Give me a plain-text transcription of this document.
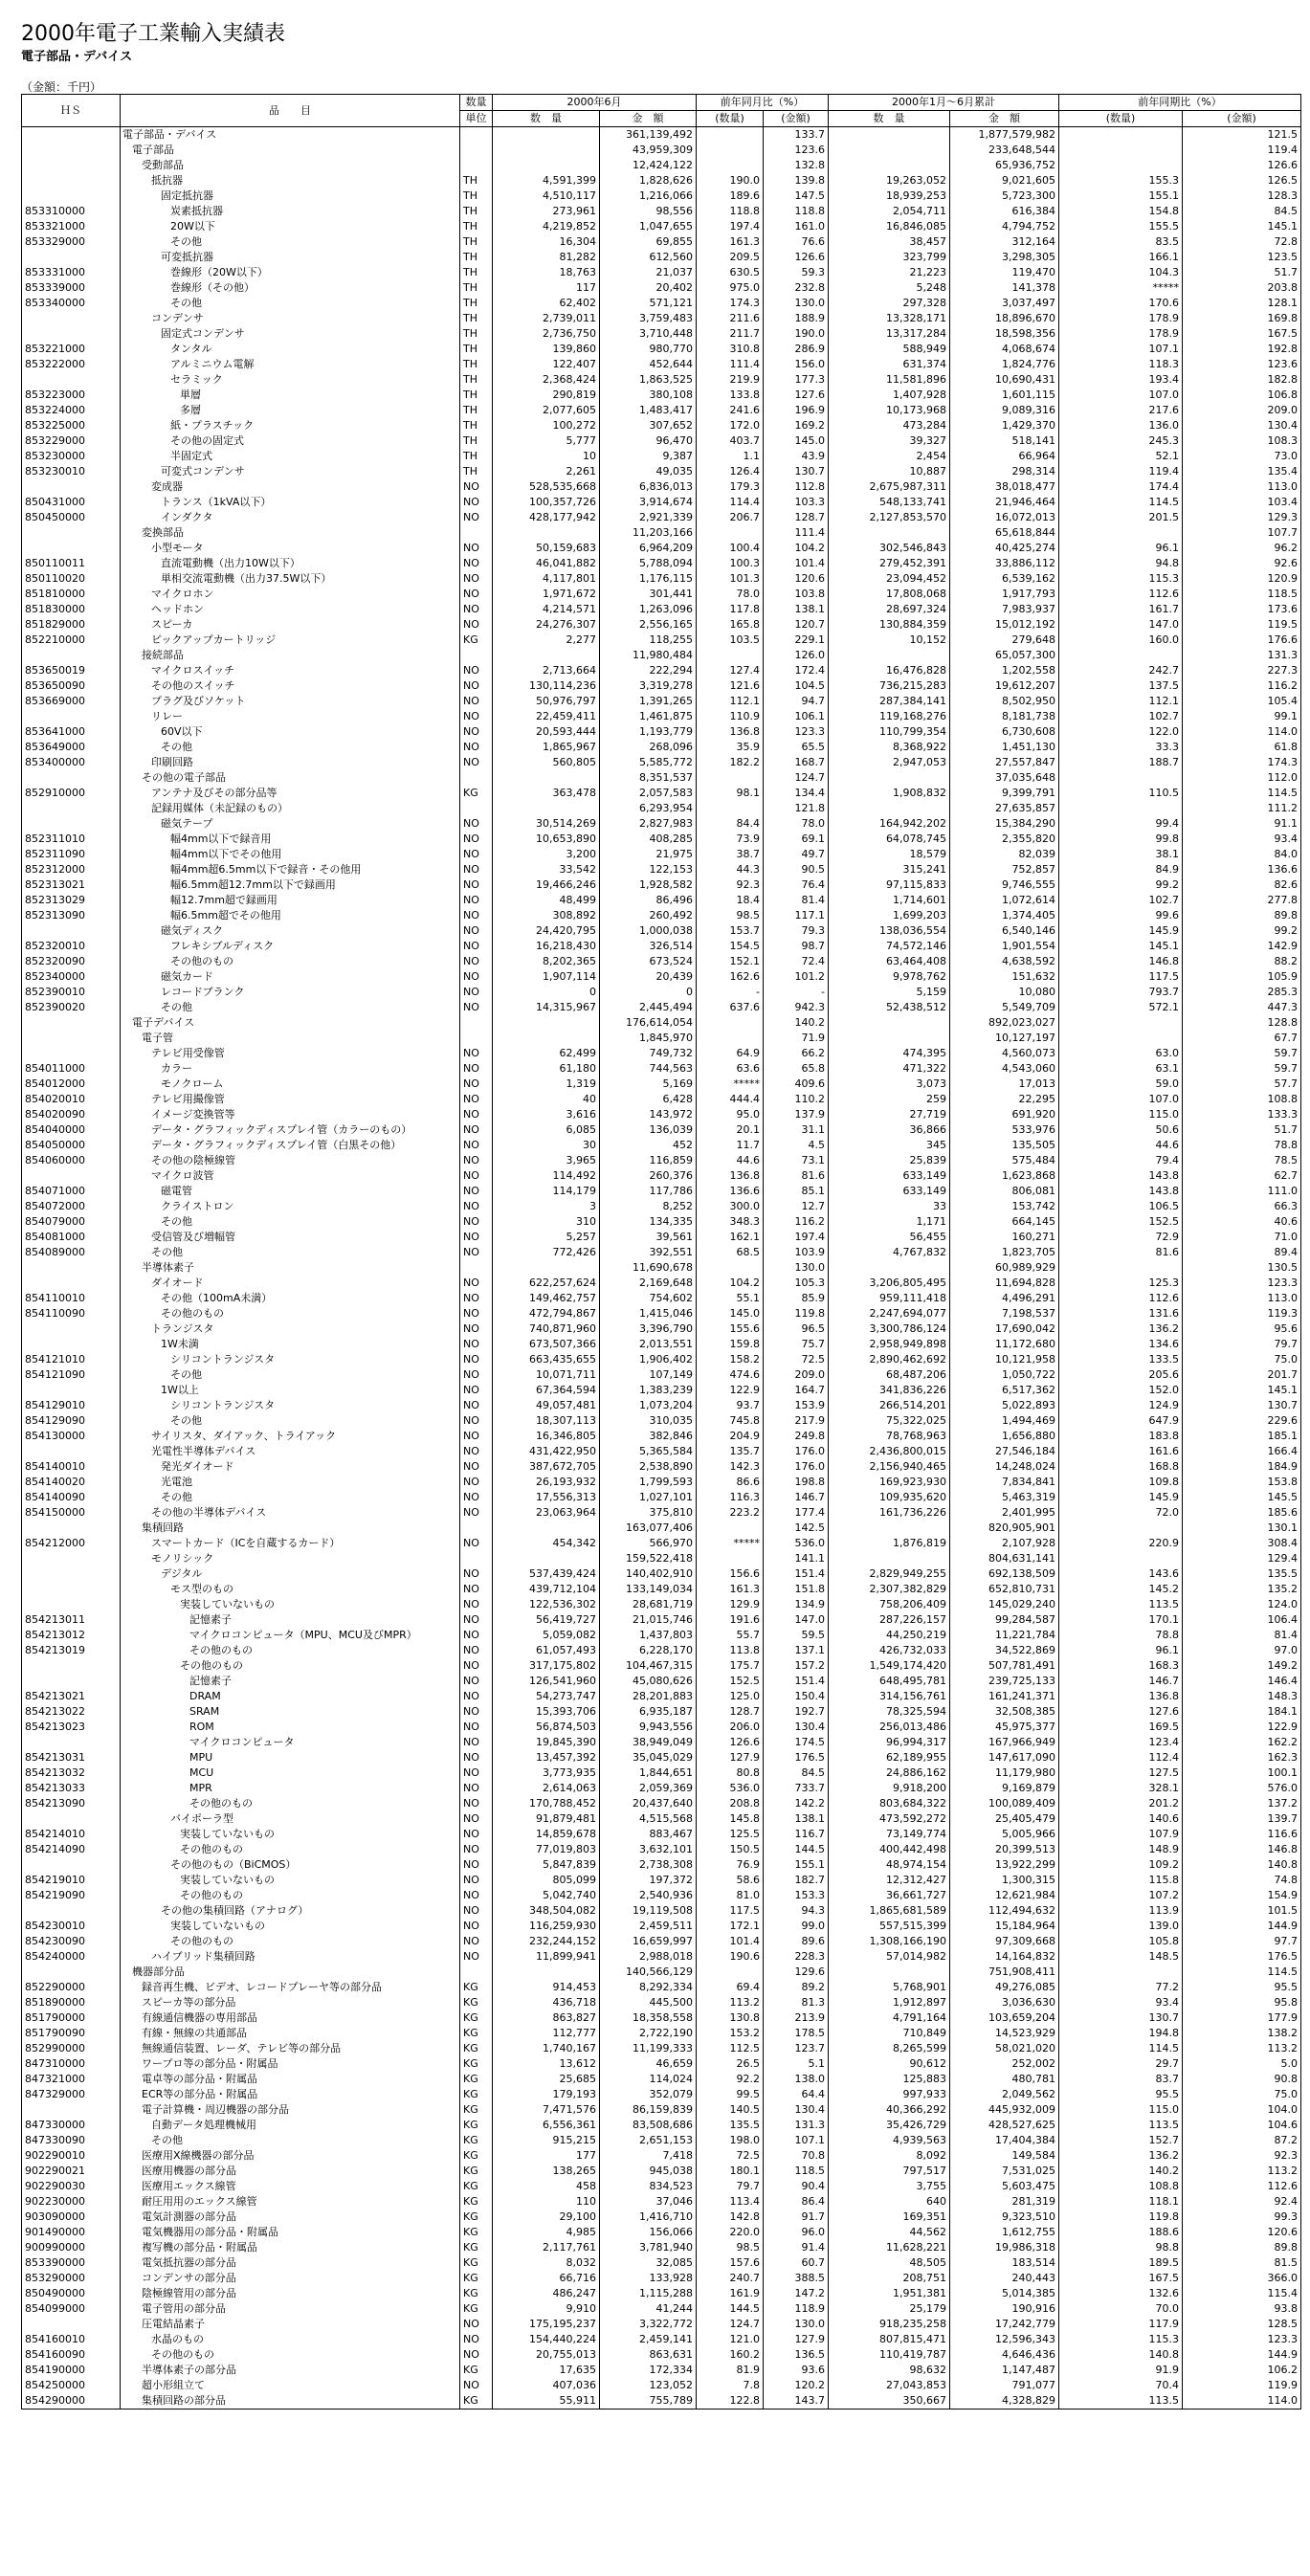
2000年電子工業輸入実績表
電子部品・デバイス

（金額：千円）

ＨＳ	品　　目	数量	2000年6月		前年同月比（%）		2000年1月～6月累計		前年同期比（%）	
		単位	数　量	金　額	(数量)	(金額)	数　量	金　額	(数量)	(金額)
	電子部品・デバイス			361,139,492		133.7		1,877,579,982		121.5
	電子部品			43,959,309		123.6		233,648,544		119.4
	受動部品			12,424,122		132.8		65,936,752		126.6
	抵抗器	TH	4,591,399	1,828,626	190.0	139.8	19,263,052	9,021,605	155.3	126.5
	固定抵抗器	TH	4,510,117	1,216,066	189.6	147.5	18,939,253	5,723,300	155.1	128.3
853310000	炭素抵抗器	TH	273,961	98,556	118.8	118.8	2,054,711	616,384	154.8	84.5
853321000	20W以下	TH	4,219,852	1,047,655	197.4	161.0	16,846,085	4,794,752	155.5	145.1
853329000	その他	TH	16,304	69,855	161.3	76.6	38,457	312,164	83.5	72.8
	可変抵抗器	TH	81,282	612,560	209.5	126.6	323,799	3,298,305	166.1	123.5
853331000	巻線形（20W以下）	TH	18,763	21,037	630.5	59.3	21,223	119,470	104.3	51.7
853339000	巻線形（その他）	TH	117	20,402	975.0	232.8	5,248	141,378	*****	203.8
853340000	その他	TH	62,402	571,121	174.3	130.0	297,328	3,037,497	170.6	128.1
	コンデンサ	TH	2,739,011	3,759,483	211.6	188.9	13,328,171	18,896,670	178.9	169.8
	固定式コンデンサ	TH	2,736,750	3,710,448	211.7	190.0	13,317,284	18,598,356	178.9	167.5
853221000	タンタル	TH	139,860	980,770	310.8	286.9	588,949	4,068,674	107.1	192.8
853222000	アルミニウム電解	TH	122,407	452,644	111.4	156.0	631,374	1,824,776	118.3	123.6
	セラミック	TH	2,368,424	1,863,525	219.9	177.3	11,581,896	10,690,431	193.4	182.8
853223000	単層	TH	290,819	380,108	133.8	127.6	1,407,928	1,601,115	107.0	106.8
853224000	多層	TH	2,077,605	1,483,417	241.6	196.9	10,173,968	9,089,316	217.6	209.0
853225000	紙・プラスチック	TH	100,272	307,652	172.0	169.2	473,284	1,429,370	136.0	130.4
853229000	その他の固定式	TH	5,777	96,470	403.7	145.0	39,327	518,141	245.3	108.3
853230000	半固定式	TH	10	9,387	1.1	43.9	2,454	66,964	52.1	73.0
853230010	可変式コンデンサ	TH	2,261	49,035	126.4	130.7	10,887	298,314	119.4	135.4
	変成器	NO	528,535,668	6,836,013	179.3	112.8	2,675,987,311	38,018,477	174.4	113.0
850431000	トランス（1kVA以下）	NO	100,357,726	3,914,674	114.4	103.3	548,133,741	21,946,464	114.5	103.4
850450000	インダクタ	NO	428,177,942	2,921,339	206.7	128.7	2,127,853,570	16,072,013	201.5	129.3
	変換部品			11,203,166		111.4		65,618,844		107.7
	小型モータ	NO	50,159,683	6,964,209	100.4	104.2	302,546,843	40,425,274	96.1	96.2
850110011	直流電動機（出力10W以下）	NO	46,041,882	5,788,094	100.3	101.4	279,452,391	33,886,112	94.8	92.6
850110020	単相交流電動機（出力37.5W以下）	NO	4,117,801	1,176,115	101.3	120.6	23,094,452	6,539,162	115.3	120.9
851810000	マイクロホン	NO	1,971,672	301,441	78.0	103.8	17,808,068	1,917,793	112.6	118.5
851830000	ヘッドホン	NO	4,214,571	1,263,096	117.8	138.1	28,697,324	7,983,937	161.7	173.6
851829000	スピーカ	NO	24,276,307	2,556,165	165.8	120.7	130,884,359	15,012,192	147.0	119.5
852210000	ピックアップカートリッジ	KG	2,277	118,255	103.5	229.1	10,152	279,648	160.0	176.6
	接続部品			11,980,484		126.0		65,057,300		131.3
853650019	マイクロスイッチ	NO	2,713,664	222,294	127.4	172.4	16,476,828	1,202,558	242.7	227.3
853650090	その他のスイッチ	NO	130,114,236	3,319,278	121.6	104.5	736,215,283	19,612,207	137.5	116.2
853669000	プラグ及びソケット	NO	50,976,797	1,391,265	112.1	94.7	287,384,141	8,502,950	112.1	105.4
	リレー	NO	22,459,411	1,461,875	110.9	106.1	119,168,276	8,181,738	102.7	99.1
853641000	60V以下	NO	20,593,444	1,193,779	136.8	123.3	110,799,354	6,730,608	122.0	114.0
853649000	その他	NO	1,865,967	268,096	35.9	65.5	8,368,922	1,451,130	33.3	61.8
853400000	印刷回路	NO	560,805	5,585,772	182.2	168.7	2,947,053	27,557,847	188.7	174.3
	その他の電子部品			8,351,537		124.7		37,035,648		112.0
852910000	アンテナ及びその部分品等	KG	363,478	2,057,583	98.1	134.4	1,908,832	9,399,791	110.5	114.5
	記録用媒体（未記録のもの）			6,293,954		121.8		27,635,857		111.2
	磁気テープ	NO	30,514,269	2,827,983	84.4	78.0	164,942,202	15,384,290	99.4	91.1
852311010	幅4mm以下で録音用	NO	10,653,890	408,285	73.9	69.1	64,078,745	2,355,820	99.8	93.4
852311090	幅4mm以下でその他用	NO	3,200	21,975	38.7	49.7	18,579	82,039	38.1	84.0
852312000	幅4mm超6.5mm以下で録音・その他用	NO	33,542	122,153	44.3	90.5	315,241	752,857	84.9	136.6
852313021	幅6.5mm超12.7mm以下で録画用	NO	19,466,246	1,928,582	92.3	76.4	97,115,833	9,746,555	99.2	82.6
852313029	幅12.7mm超で録画用	NO	48,499	86,496	18.4	81.4	1,714,601	1,072,614	102.7	277.8
852313090	幅6.5mm超でその他用	NO	308,892	260,492	98.5	117.1	1,699,203	1,374,405	99.6	89.8
	磁気ディスク	NO	24,420,795	1,000,038	153.7	79.3	138,036,554	6,540,146	145.9	99.2
852320010	フレキシブルディスク	NO	16,218,430	326,514	154.5	98.7	74,572,146	1,901,554	145.1	142.9
852320090	その他のもの	NO	8,202,365	673,524	152.1	72.4	63,464,408	4,638,592	146.8	88.2
852340000	磁気カード	NO	1,907,114	20,439	162.6	101.2	9,978,762	151,632	117.5	105.9
852390010	レコードブランク	NO	0	0	-	-	5,159	10,080	793.7	285.3
852390020	その他	NO	14,315,967	2,445,494	637.6	942.3	52,438,512	5,549,709	572.1	447.3
	電子デバイス			176,614,054		140.2		892,023,027		128.8
	電子管			1,845,970		71.9		10,127,197		67.7
	テレビ用受像管	NO	62,499	749,732	64.9	66.2	474,395	4,560,073	63.0	59.7
854011000	カラー	NO	61,180	744,563	63.6	65.8	471,322	4,543,060	63.1	59.7
854012000	モノクローム	NO	1,319	5,169	*****	409.6	3,073	17,013	59.0	57.7
854020010	テレビ用撮像管	NO	40	6,428	444.4	110.2	259	22,295	107.0	108.8
854020090	イメージ変換管等	NO	3,616	143,972	95.0	137.9	27,719	691,920	115.0	133.3
854040000	データ・グラフィックディスプレイ管（カラーのもの）	NO	6,085	136,039	20.1	31.1	36,866	533,976	50.6	51.7
854050000	データ・グラフィックディスプレイ管（白黒その他）	NO	30	452	11.7	4.5	345	135,505	44.6	78.8
854060000	その他の陰極線管	NO	3,965	116,859	44.6	73.1	25,839	575,484	79.4	78.5
	マイクロ波管	NO	114,492	260,376	136.8	81.6	633,149	1,623,868	143.8	62.7
854071000	磁電管	NO	114,179	117,786	136.6	85.1	633,149	806,081	143.8	111.0
854072000	クライストロン	NO	3	8,252	300.0	12.7	33	153,742	106.5	66.3
854079000	その他	NO	310	134,335	348.3	116.2	1,171	664,145	152.5	40.6
854081000	受信管及び増幅管	NO	5,257	39,561	162.1	197.4	56,455	160,271	72.9	71.0
854089000	その他	NO	772,426	392,551	68.5	103.9	4,767,832	1,823,705	81.6	89.4
	半導体素子			11,690,678		130.0		60,989,929		130.5
	ダイオード	NO	622,257,624	2,169,648	104.2	105.3	3,206,805,495	11,694,828	125.3	123.3
854110010	その他（100mA未満）	NO	149,462,757	754,602	55.1	85.9	959,111,418	4,496,291	112.6	113.0
854110090	その他のもの	NO	472,794,867	1,415,046	145.0	119.8	2,247,694,077	7,198,537	131.6	119.3
	トランジスタ	NO	740,871,960	3,396,790	155.6	96.5	3,300,786,124	17,690,042	136.2	95.6
	1W未満	NO	673,507,366	2,013,551	159.8	75.7	2,958,949,898	11,172,680	134.6	79.7
854121010	シリコントランジスタ	NO	663,435,655	1,906,402	158.2	72.5	2,890,462,692	10,121,958	133.5	75.0
854121090	その他	NO	10,071,711	107,149	474.6	209.0	68,487,206	1,050,722	205.6	201.7
	1W以上	NO	67,364,594	1,383,239	122.9	164.7	341,836,226	6,517,362	152.0	145.1
854129010	シリコントランジスタ	NO	49,057,481	1,073,204	93.7	153.9	266,514,201	5,022,893	124.9	130.7
854129090	その他	NO	18,307,113	310,035	745.8	217.9	75,322,025	1,494,469	647.9	229.6
854130000	サイリスタ、ダイアック、トライアック	NO	16,346,805	382,846	204.9	249.8	78,768,963	1,656,880	183.8	185.1
	光電性半導体デバイス	NO	431,422,950	5,365,584	135.7	176.0	2,436,800,015	27,546,184	161.6	166.4
854140010	発光ダイオード	NO	387,672,705	2,538,890	142.3	176.0	2,156,940,465	14,248,024	168.8	184.9
854140020	光電池	NO	26,193,932	1,799,593	86.6	198.8	169,923,930	7,834,841	109.8	153.8
854140090	その他	NO	17,556,313	1,027,101	116.3	146.7	109,935,620	5,463,319	145.9	145.5
854150000	その他の半導体デバイス	NO	23,063,964	375,810	223.2	177.4	161,736,226	2,401,995	72.0	185.6
	集積回路			163,077,406		142.5		820,905,901		130.1
854212000	スマートカード（ICを自蔵するカード）	NO	454,342	566,970	*****	536.0	1,876,819	2,107,928	220.9	308.4
	モノリシック			159,522,418		141.1		804,631,141		129.4
	デジタル	NO	537,439,424	140,402,910	156.6	151.4	2,829,949,255	692,138,509	143.6	135.5
	モス型のもの	NO	439,712,104	133,149,034	161.3	151.8	2,307,382,829	652,810,731	145.2	135.2
	実装していないもの	NO	122,536,302	28,681,719	129.9	134.9	758,206,409	145,029,240	113.5	124.0
854213011	記憶素子	NO	56,419,727	21,015,746	191.6	147.0	287,226,157	99,284,587	170.1	106.4
854213012	マイクロコンピュータ（MPU、MCU及びMPR）	NO	5,059,082	1,437,803	55.7	59.5	44,250,219	11,221,784	78.8	81.4
854213019	その他のもの	NO	61,057,493	6,228,170	113.8	137.1	426,732,033	34,522,869	96.1	97.0
	その他のもの	NO	317,175,802	104,467,315	175.7	157.2	1,549,174,420	507,781,491	168.3	149.2
	記憶素子	NO	126,541,960	45,080,626	152.5	151.4	648,495,781	239,725,133	146.7	146.4
854213021	DRAM	NO	54,273,747	28,201,883	125.0	150.4	314,156,761	161,241,371	136.8	148.3
854213022	SRAM	NO	15,393,706	6,935,187	128.7	192.7	78,325,594	32,508,385	127.6	184.1
854213023	ROM	NO	56,874,503	9,943,556	206.0	130.4	256,013,486	45,975,377	169.5	122.9
	マイクロコンピュータ	NO	19,845,390	38,949,049	126.6	174.5	96,994,317	167,966,949	123.4	162.2
854213031	MPU	NO	13,457,392	35,045,029	127.9	176.5	62,189,955	147,617,090	112.4	162.3
854213032	MCU	NO	3,773,935	1,844,651	80.8	84.5	24,886,162	11,179,980	127.5	100.1
854213033	MPR	NO	2,614,063	2,059,369	536.0	733.7	9,918,200	9,169,879	328.1	576.0
854213090	その他のもの	NO	170,788,452	20,437,640	208.8	142.2	803,684,322	100,089,409	201.2	137.2
	バイポーラ型	NO	91,879,481	4,515,568	145.8	138.1	473,592,272	25,405,479	140.6	139.7
854214010	実装していないもの	NO	14,859,678	883,467	125.5	116.7	73,149,774	5,005,966	107.9	116.6
854214090	その他のもの	NO	77,019,803	3,632,101	150.5	144.5	400,442,498	20,399,513	148.9	146.8
	その他のもの（BiCMOS）	NO	5,847,839	2,738,308	76.9	155.1	48,974,154	13,922,299	109.2	140.8
854219010	実装していないもの	NO	805,099	197,372	58.6	182.7	12,312,427	1,300,315	115.8	74.8
854219090	その他のもの	NO	5,042,740	2,540,936	81.0	153.3	36,661,727	12,621,984	107.2	154.9
	その他の集積回路（アナログ）	NO	348,504,082	19,119,508	117.5	94.3	1,865,681,589	112,494,632	113.9	101.5
854230010	実装していないもの	NO	116,259,930	2,459,511	172.1	99.0	557,515,399	15,184,964	139.0	144.9
854230090	その他のもの	NO	232,244,152	16,659,997	101.4	89.6	1,308,166,190	97,309,668	105.8	97.7
854240000	ハイブリッド集積回路	NO	11,899,941	2,988,018	190.6	228.3	57,014,982	14,164,832	148.5	176.5
	機器部分品			140,566,129		129.6		751,908,411		114.5
852290000	録音再生機、ビデオ、レコードプレーヤ等の部分品	KG	914,453	8,292,334	69.4	89.2	5,768,901	49,276,085	77.2	95.5
851890000	スピーカ等の部分品	KG	436,718	445,500	113.2	81.3	1,912,897	3,036,630	93.4	95.8
851790000	有線通信機器の専用部品	KG	863,827	18,358,558	130.8	213.9	4,791,164	103,659,204	130.7	177.9
851790090	有線・無線の共通部品	KG	112,777	2,722,190	153.2	178.5	710,849	14,523,929	194.8	138.2
852990000	無線通信装置、レーダ、テレビ等の部分品	KG	1,740,167	11,199,333	112.5	123.7	8,265,599	58,021,020	114.5	113.2
847310000	ワープロ等の部分品・附属品	KG	13,612	46,659	26.5	5.1	90,612	252,002	29.7	5.0
847321000	電卓等の部分品・附属品	KG	25,685	114,024	92.2	138.0	125,883	480,781	83.7	90.8
847329000	ECR等の部分品・附属品	KG	179,193	352,079	99.5	64.4	997,933	2,049,562	95.5	75.0
	電子計算機・周辺機器の部分品	KG	7,471,576	86,159,839	140.5	130.4	40,366,292	445,932,009	115.0	104.0
847330000	自動データ処理機械用	KG	6,556,361	83,508,686	135.5	131.3	35,426,729	428,527,625	113.5	104.6
847330090	その他	KG	915,215	2,651,153	198.0	107.1	4,939,563	17,404,384	152.7	87.2
902290010	医療用X線機器の部分品	KG	177	7,418	72.5	70.8	8,092	149,584	136.2	92.3
902290021	医療用機器の部分品	KG	138,265	945,038	180.1	118.5	797,517	7,531,025	140.2	113.2
902290030	医療用エックス線管	KG	458	834,523	79.7	90.4	3,755	5,603,475	108.8	112.6
902230000	耐圧用用のエックス線管	KG	110	37,046	113.4	86.4	640	281,319	118.1	92.4
903090000	電気計測器の部分品	KG	29,100	1,416,710	142.8	91.7	169,351	9,323,510	119.8	99.3
901490000	電気機器用の部分品・附属品	KG	4,985	156,066	220.0	96.0	44,562	1,612,755	188.6	120.6
900990000	複写機の部分品・附属品	KG	2,117,761	3,781,940	98.5	91.4	11,628,221	19,986,318	98.8	89.8
853390000	電気抵抗器の部分品	KG	8,032	32,085	157.6	60.7	48,505	183,514	189.5	81.5
853290000	コンデンサの部分品	KG	66,716	133,928	240.7	388.5	208,751	240,443	167.5	366.0
850490000	陰極線管用の部分品	KG	486,247	1,115,288	161.9	147.2	1,951,381	5,014,385	132.6	115.4
854099000	電子管用の部分品	KG	9,910	41,244	144.5	118.9	25,179	190,916	70.0	93.8
	圧電結晶素子	NO	175,195,237	3,322,772	124.7	130.0	918,235,258	17,242,779	117.9	128.5
854160010	水晶のもの	NO	154,440,224	2,459,141	121.0	127.9	807,815,471	12,596,343	115.3	123.3
854160090	その他のもの	NO	20,755,013	863,631	160.2	136.5	110,419,787	4,646,436	140.8	144.9
854190000	半導体素子の部分品	KG	17,635	172,334	81.9	93.6	98,632	1,147,487	91.9	106.2
854250000	超小形組立て	NO	407,036	123,052	7.8	120.2	27,043,853	791,077	70.4	119.9
854290000	集積回路の部分品	KG	55,911	755,789	122.8	143.7	350,667	4,328,829	113.5	114.0
